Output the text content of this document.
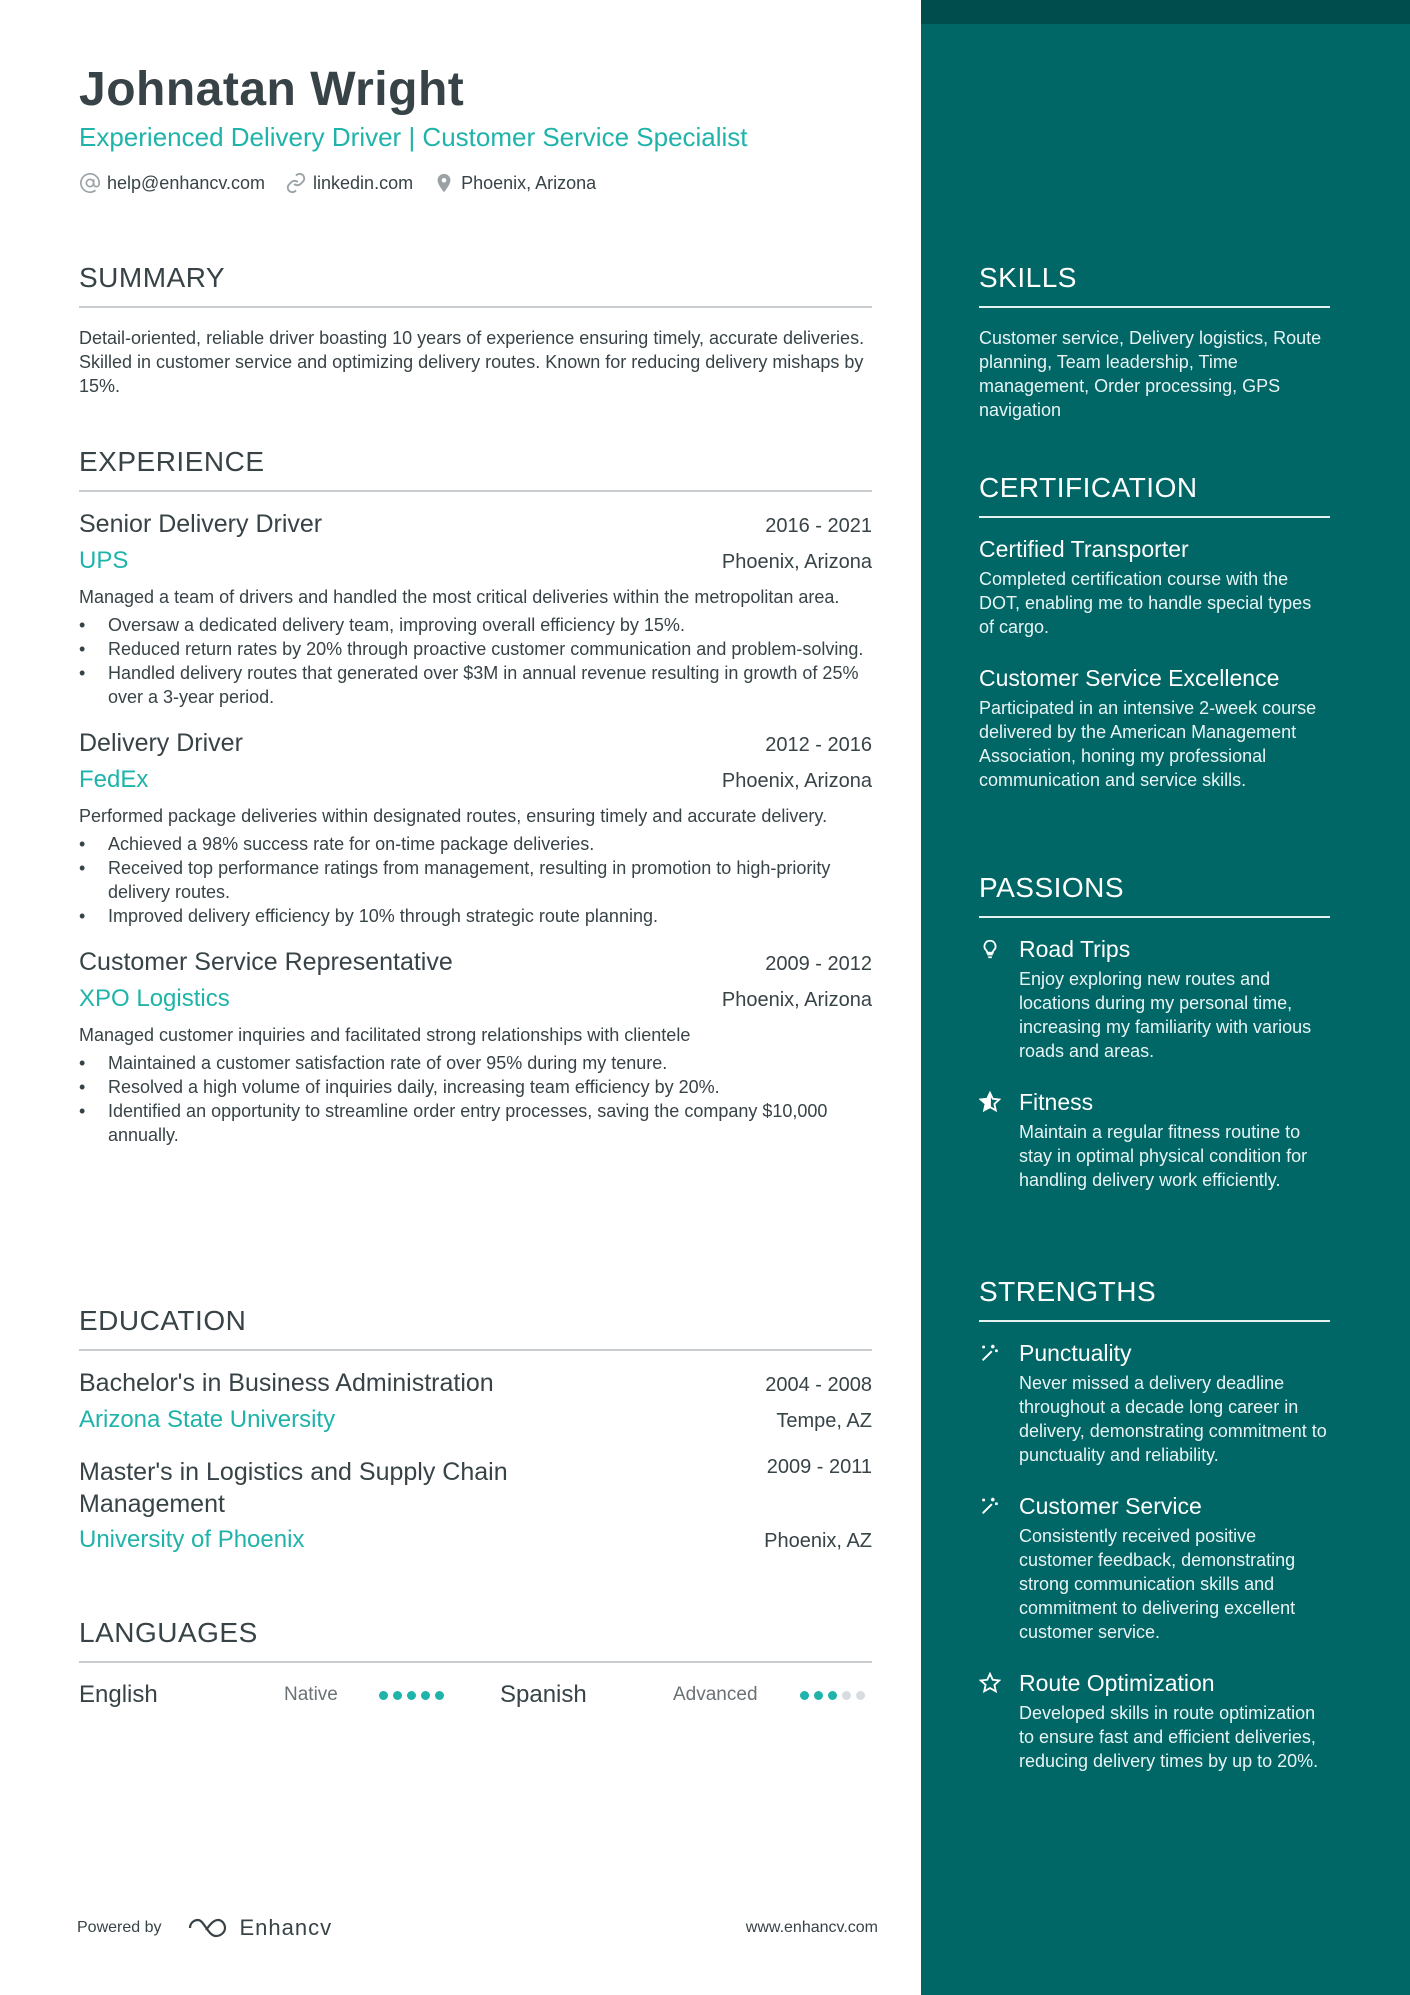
Johnatan Wright
Experienced Delivery Driver | Customer Service Specialist
help@enhancv.com	linkedin.com	Phoenix, Arizona
SUMMARY
Detail-oriented, reliable driver boasting 10 years of experience ensuring timely, accurate deliveries. Skilled in customer service and optimizing delivery routes. Known for reducing delivery mishaps by 15%.
EXPERIENCE
Senior Delivery Driver	2016 - 2021
UPS	Phoenix, Arizona
Managed a team of drivers and handled the most critical deliveries within the metropolitan area.
• Oversaw a dedicated delivery team, improving overall efficiency by 15%.
• Reduced return rates by 20% through proactive customer communication and problem-solving.
• Handled delivery routes that generated over $3M in annual revenue resulting in growth of 25% over a 3-year period.
Delivery Driver	2012 - 2016
FedEx	Phoenix, Arizona
Performed package deliveries within designated routes, ensuring timely and accurate delivery.
• Achieved a 98% success rate for on-time package deliveries.
• Received top performance ratings from management, resulting in promotion to high-priority delivery routes.
• Improved delivery efficiency by 10% through strategic route planning.
Customer Service Representative	2009 - 2012
XPO Logistics	Phoenix, Arizona
Managed customer inquiries and facilitated strong relationships with clientele
• Maintained a customer satisfaction rate of over 95% during my tenure.
• Resolved a high volume of inquiries daily, increasing team efficiency by 20%.
• Identified an opportunity to streamline order entry processes, saving the company $10,000 annually.
EDUCATION
Bachelor's in Business Administration	2004 - 2008
Arizona State University	Tempe, AZ
Master's in Logistics and Supply Chain Management
2009 - 2011
University of Phoenix	Phoenix, AZ
LANGUAGES
English	Native	Spanish	Advanced
Powered by	Enhancv	www.enhancv.com
SKILLS
Customer service, Delivery logistics, Route planning, Team leadership, Time management, Order processing, GPS navigation
CERTIFICATION
Certified Transporter
Completed certification course with the DOT, enabling me to handle special types of cargo.
Customer Service Excellence
Participated in an intensive 2-week course delivered by the American Management Association, honing my professional communication and service skills.
PASSIONS
Road Trips
Enjoy exploring new routes and locations during my personal time, increasing my familiarity with various roads and areas.
Fitness
Maintain a regular fitness routine to stay in optimal physical condition for handling delivery work efficiently.
STRENGTHS
Punctuality
Never missed a delivery deadline throughout a decade long career in delivery, demonstrating commitment to punctuality and reliability.
Customer Service
Consistently received positive customer feedback, demonstrating strong communication skills and commitment to delivering excellent customer service.
Route Optimization
Developed skills in route optimization to ensure fast and efficient deliveries, reducing delivery times by up to 20%.
